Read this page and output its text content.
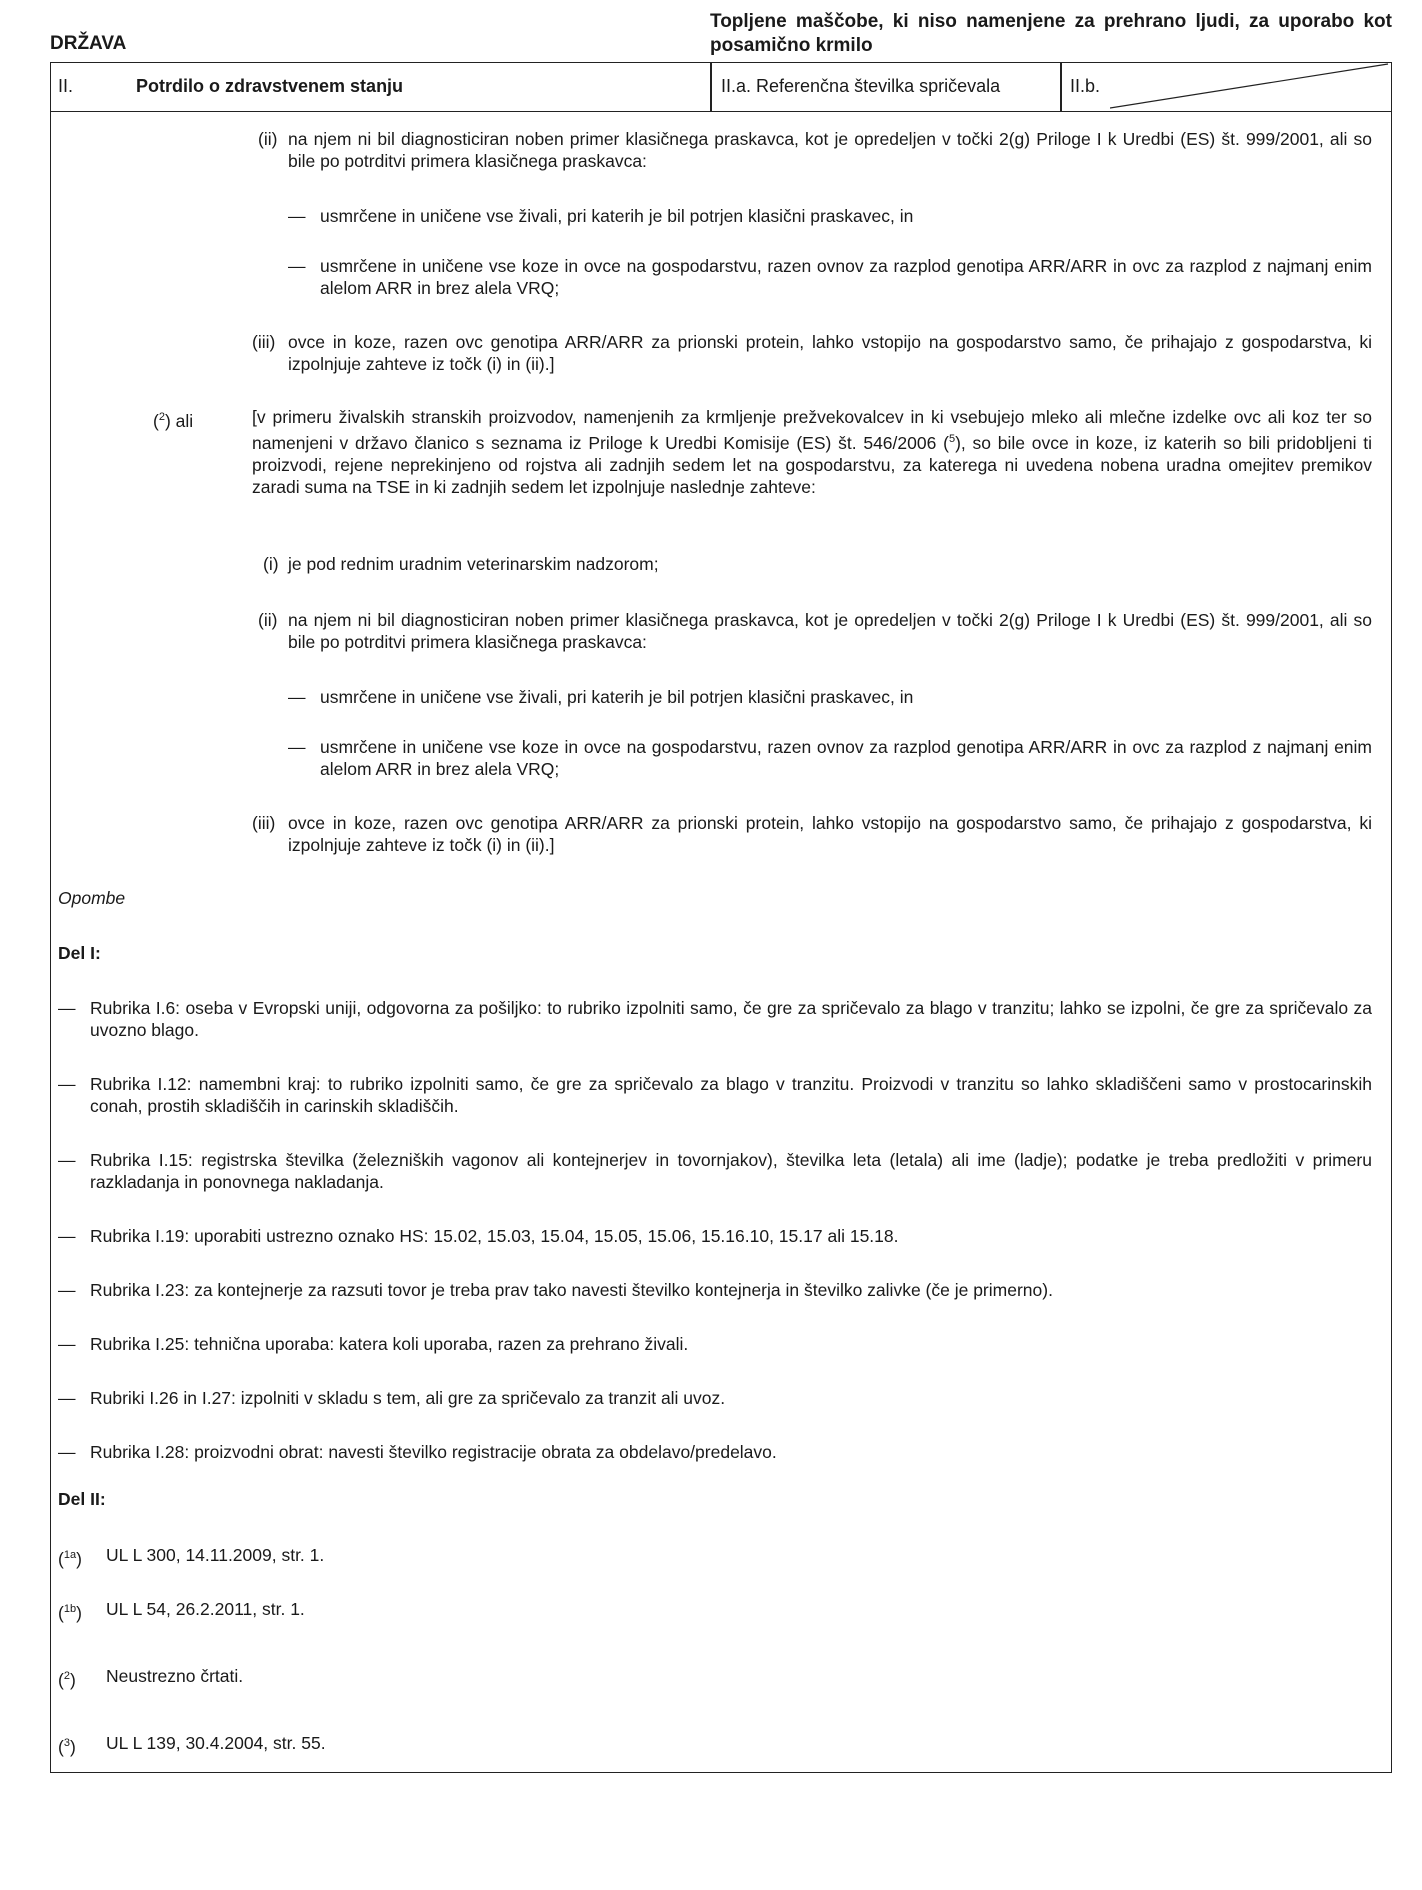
DRŽAVA
Topljene maščobe, ki niso namenjene za prehrano ljudi, za uporabo kot posamično krmilo
II.	Potrdilo o zdravstvenem stanju	II.a. Referenčna številka spričevala	II.b.
(ii) na njem ni bil diagnosticiran noben primer klasičnega praskavca, kot je opredeljen v točki 2(g) Priloge I k Uredbi (ES) št. 999/2001, ali so bile po potrditvi primera klasičnega praskavca:
— usmrčene in uničene vse živali, pri katerih je bil potrjen klasični praskavec, in
— usmrčene in uničene vse koze in ovce na gospodarstvu, razen ovnov za razplod genotipa ARR/ARR in ovc za razplod z najmanj enim alelom ARR in brez alela VRQ;
(iii) ovce in koze, razen ovc genotipa ARR/ARR za prionski protein, lahko vstopijo na gospodarstvo samo, če prihajajo z gospodarstva, ki izpolnjuje zahteve iz točk (i) in (ii).]
($^2$) ali	[v primeru živalskih stranskih proizvodov, namenjenih za krmljenje prežvekovalcev in ki vsebujejo mleko ali mlečne izdelke ovc ali koz ter so namenjeni v državo članico s seznama iz Priloge k Uredbi Komisije (ES) št. 546/2006 ($^5$), so bile ovce in koze, iz katerih so bili pridobljeni ti proizvodi, rejene neprekinjeno od rojstva ali zadnjih sedem let na gospodarstvu, za katerega ni uvedena nobena uradna omejitev premikov zaradi suma na TSE in ki zadnjih sedem let izpolnjuje naslednje zahteve:
(i) je pod rednim uradnim veterinarskim nadzorom;
(ii) na njem ni bil diagnosticiran noben primer klasičnega praskavca, kot je opredeljen v točki 2(g) Priloge I k Uredbi (ES) št. 999/2001, ali so bile po potrditvi primera klasičnega praskavca:
— usmrčene in uničene vse živali, pri katerih je bil potrjen klasični praskavec, in
— usmrčene in uničene vse koze in ovce na gospodarstvu, razen ovnov za razplod genotipa ARR/ARR in ovc za razplod z najmanj enim alelom ARR in brez alela VRQ;
(iii) ovce in koze, razen ovc genotipa ARR/ARR za prionski protein, lahko vstopijo na gospodarstvo samo, če prihajajo z gospodarstva, ki izpolnjuje zahteve iz točk (i) in (ii).]
Opombe
Del I:
— Rubrika I.6: oseba v Evropski uniji, odgovorna za pošiljko: to rubriko izpolniti samo, če gre za spričevalo za blago v tranzitu; lahko se izpolni, če gre za spričevalo za uvozno blago.
— Rubrika I.12: namembni kraj: to rubriko izpolniti samo, če gre za spričevalo za blago v tranzitu. Proizvodi v tranzitu so lahko skladiščeni samo v prostocarinskih conah, prostih skladiščih in carinskih skladiščih.
— Rubrika I.15: registrska številka (železniških vagonov ali kontejnerjev in tovornjakov), številka leta (letala) ali ime (ladje); podatke je treba predložiti v primeru razkladanja in ponovnega nakladanja.
— Rubrika I.19: uporabiti ustrezno oznako HS: 15.02, 15.03, 15.04, 15.05, 15.06, 15.16.10, 15.17 ali 15.18.
— Rubrika I.23: za kontejnerje za razsuti tovor je treba prav tako navesti številko kontejnerja in številko zalivke (če je primerno).
— Rubrika I.25: tehnična uporaba: katera koli uporaba, razen za prehrano živali.
— Rubriki I.26 in I.27: izpolniti v skladu s tem, ali gre za spričevalo za tranzit ali uvoz.
— Rubrika I.28: proizvodni obrat: navesti številko registracije obrata za obdelavo/predelavo.
Del II:
($^{1a}$) UL L 300, 14.11.2009, str. 1.
($^{1b}$) UL L 54, 26.2.2011, str. 1.
($^2$) Neustrezno črtati.
($^3$) UL L 139, 30.4.2004, str. 55.
